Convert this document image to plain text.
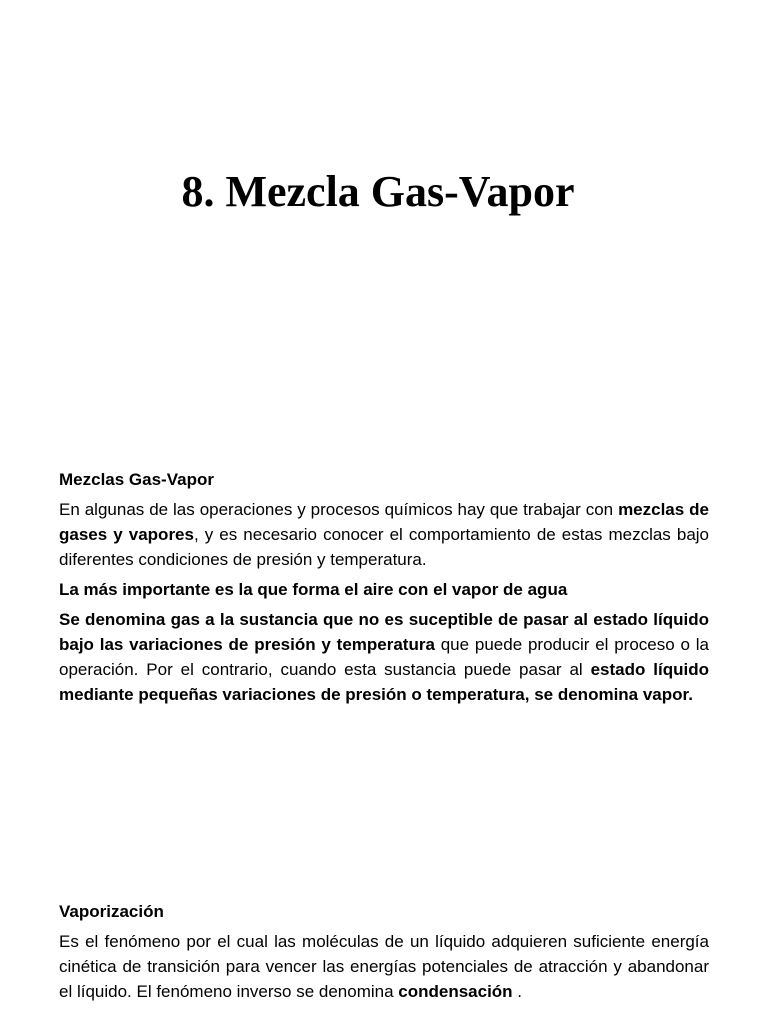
8. Mezcla Gas-Vapor

Mezclas Gas-Vapor

En algunas de las operaciones y procesos químicos hay que trabajar con mezclas de gases y vapores, y es necesario conocer el comportamiento de estas mezclas bajo diferentes condiciones de presión y temperatura.

La más importante es la que forma el aire con el vapor de agua

Se denomina gas a la sustancia que no es suceptible de pasar al estado líquido bajo las variaciones de presión y temperatura que puede producir el proceso o la operación. Por el contrario, cuando esta sustancia puede pasar al estado líquido mediante pequeñas variaciones de presión o temperatura, se denomina vapor.

Vaporización

Es el fenómeno por el cual las moléculas de un líquido adquieren suficiente energía cinética de transición para vencer las energías potenciales de atracción y abandonar el líquido. El fenómeno inverso se denomina condensación .
